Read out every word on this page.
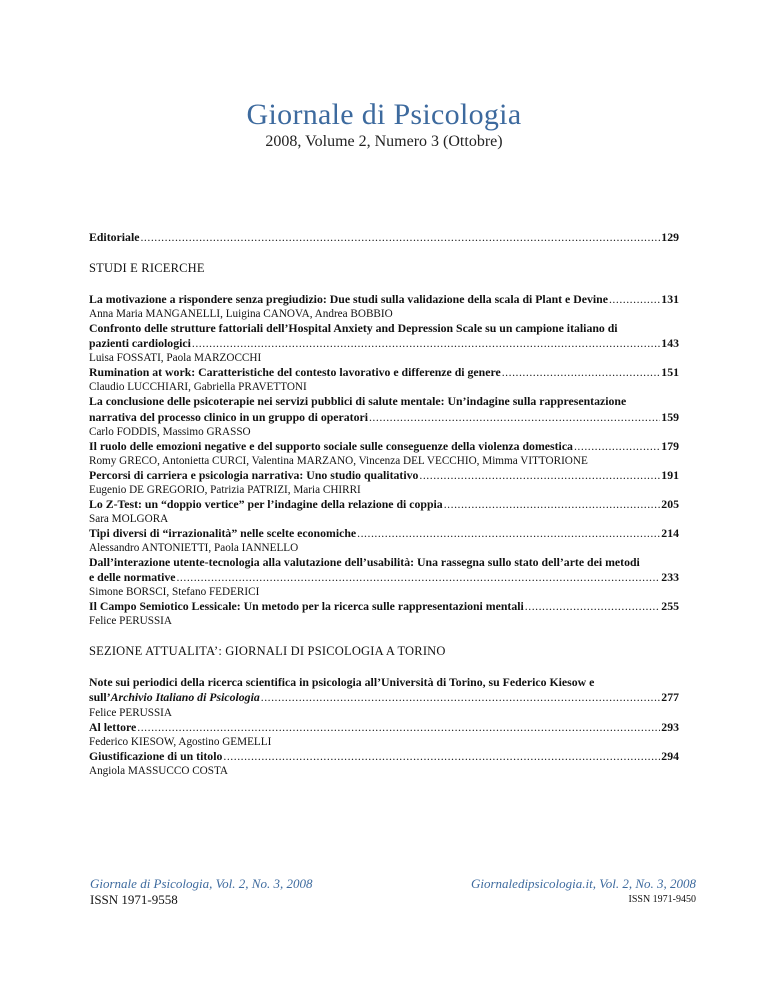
Giornale di Psicologia
2008, Volume 2, Numero 3 (Ottobre)
Editoriale .....	129
STUDI E RICERCHE
La motivazione a rispondere senza pregiudizio: Due studi sulla validazione della scala di Plant e Devine .....	131
Anna Maria MANGANELLI, Luigina CANOVA, Andrea BOBBIO
Confronto delle strutture fattoriali dell’Hospital Anxiety and Depression Scale su un campione italiano di
pazienti cardiologici .....	143
Luisa FOSSATI, Paola MARZOCCHI
Rumination at work: Caratteristiche del contesto lavorativo e differenze di genere .....	151
Claudio LUCCHIARI, Gabriella PRAVETTONI
La conclusione delle psicoterapie nei servizi pubblici di salute mentale: Un’indagine sulla rappresentazione
narrativa del processo clinico in un gruppo di operatori .....	159
Carlo FODDIS, Massimo GRASSO
Il ruolo delle emozioni negative e del supporto sociale sulle conseguenze della violenza domestica .....	179
Romy GRECO, Antonietta CURCI, Valentina MARZANO, Vincenza DEL VECCHIO, Mimma VITTORIONE
Percorsi di carriera e psicologia narrativa: Uno studio qualitativo .....	191
Eugenio DE GREGORIO, Patrizia PATRIZI, Maria CHIRRI
Lo Z-Test: un “doppio vertice” per l’indagine della relazione di coppia .....	205
Sara MOLGORA
Tipi diversi di “irrazionalità” nelle scelte economiche .....	214
Alessandro ANTONIETTI, Paola IANNELLO
Dall’interazione utente-tecnologia alla valutazione dell’usabilità: Una rassegna sullo stato dell’arte dei metodi
e delle normative .....	233
Simone BORSCI, Stefano FEDERICI
Il Campo Semiotico Lessicale: Un metodo per la ricerca sulle rappresentazioni mentali .....	255
Felice PERUSSIA
SEZIONE ATTUALITA’: GIORNALI DI PSICOLOGIA A TORINO
Note sui periodici della ricerca scientifica in psicologia all’Università di Torino, su Federico Kiesow e
sull’Archivio Italiano di Psicologia .....	277
Felice PERUSSIA
Al lettore .....	293
Federico KIESOW, Agostino GEMELLI
Giustificazione di un titolo .....	294
Angiola MASSUCCO COSTA
Giornale di Psicologia, Vol. 2, No. 3, 2008
ISSN 1971-9558
Giornaledipsicologia.it, Vol. 2, No. 3, 2008
ISSN 1971-9450
